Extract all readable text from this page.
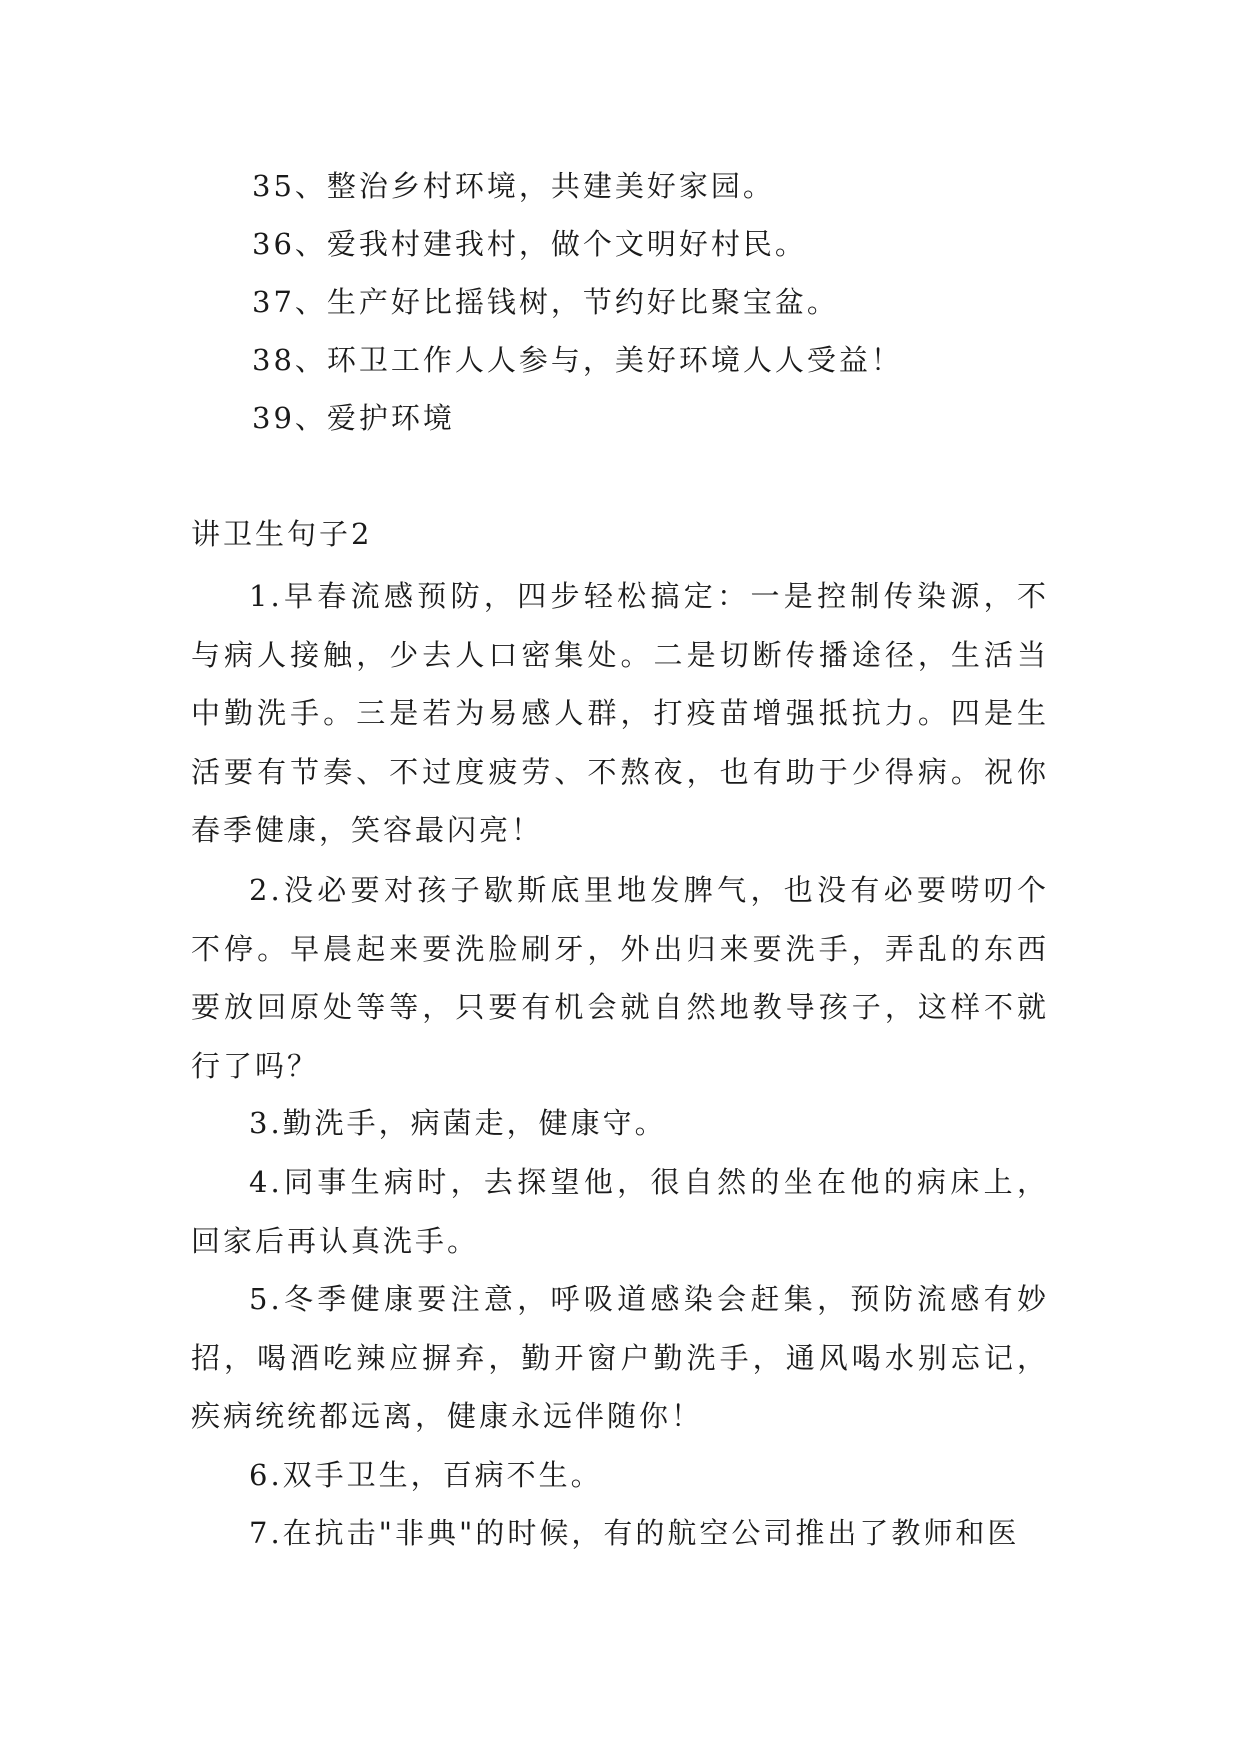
35、整治乡村环境，共建美好家园。
36、爱我村建我村，做个文明好村民。
37、生产好比摇钱树，节约好比聚宝盆。
38、环卫工作人人参与，美好环境人人受益！
39、爱护环境
讲卫生句子2

1.早春流感预防，四步轻松搞定：一是控制传染源，不与病人接触，少去人口密集处。二是切断传播途径，生活当中勤洗手。三是若为易感人群，打疫苗增强抵抗力。四是生活要有节奏、不过度疲劳、不熬夜，也有助于少得病。祝你春季健康，笑容最闪亮！

2.没必要对孩子歇斯底里地发脾气，也没有必要唠叨个不停。早晨起来要洗脸刷牙，外出归来要洗手，弄乱的东西要放回原处等等，只要有机会就自然地教导孩子，这样不就行了吗？

3.勤洗手，病菌走，健康守。

4.同事生病时，去探望他，很自然的坐在他的病床上，回家后再认真洗手。

5.冬季健康要注意，呼吸道感染会赶集，预防流感有妙招，喝酒吃辣应摒弃，勤开窗户勤洗手，通风喝水别忘记，疾病统统都远离，健康永远伴随你！

6.双手卫生，百病不生。

7.在抗击"非典"的时候，有的航空公司推出了教师和医
